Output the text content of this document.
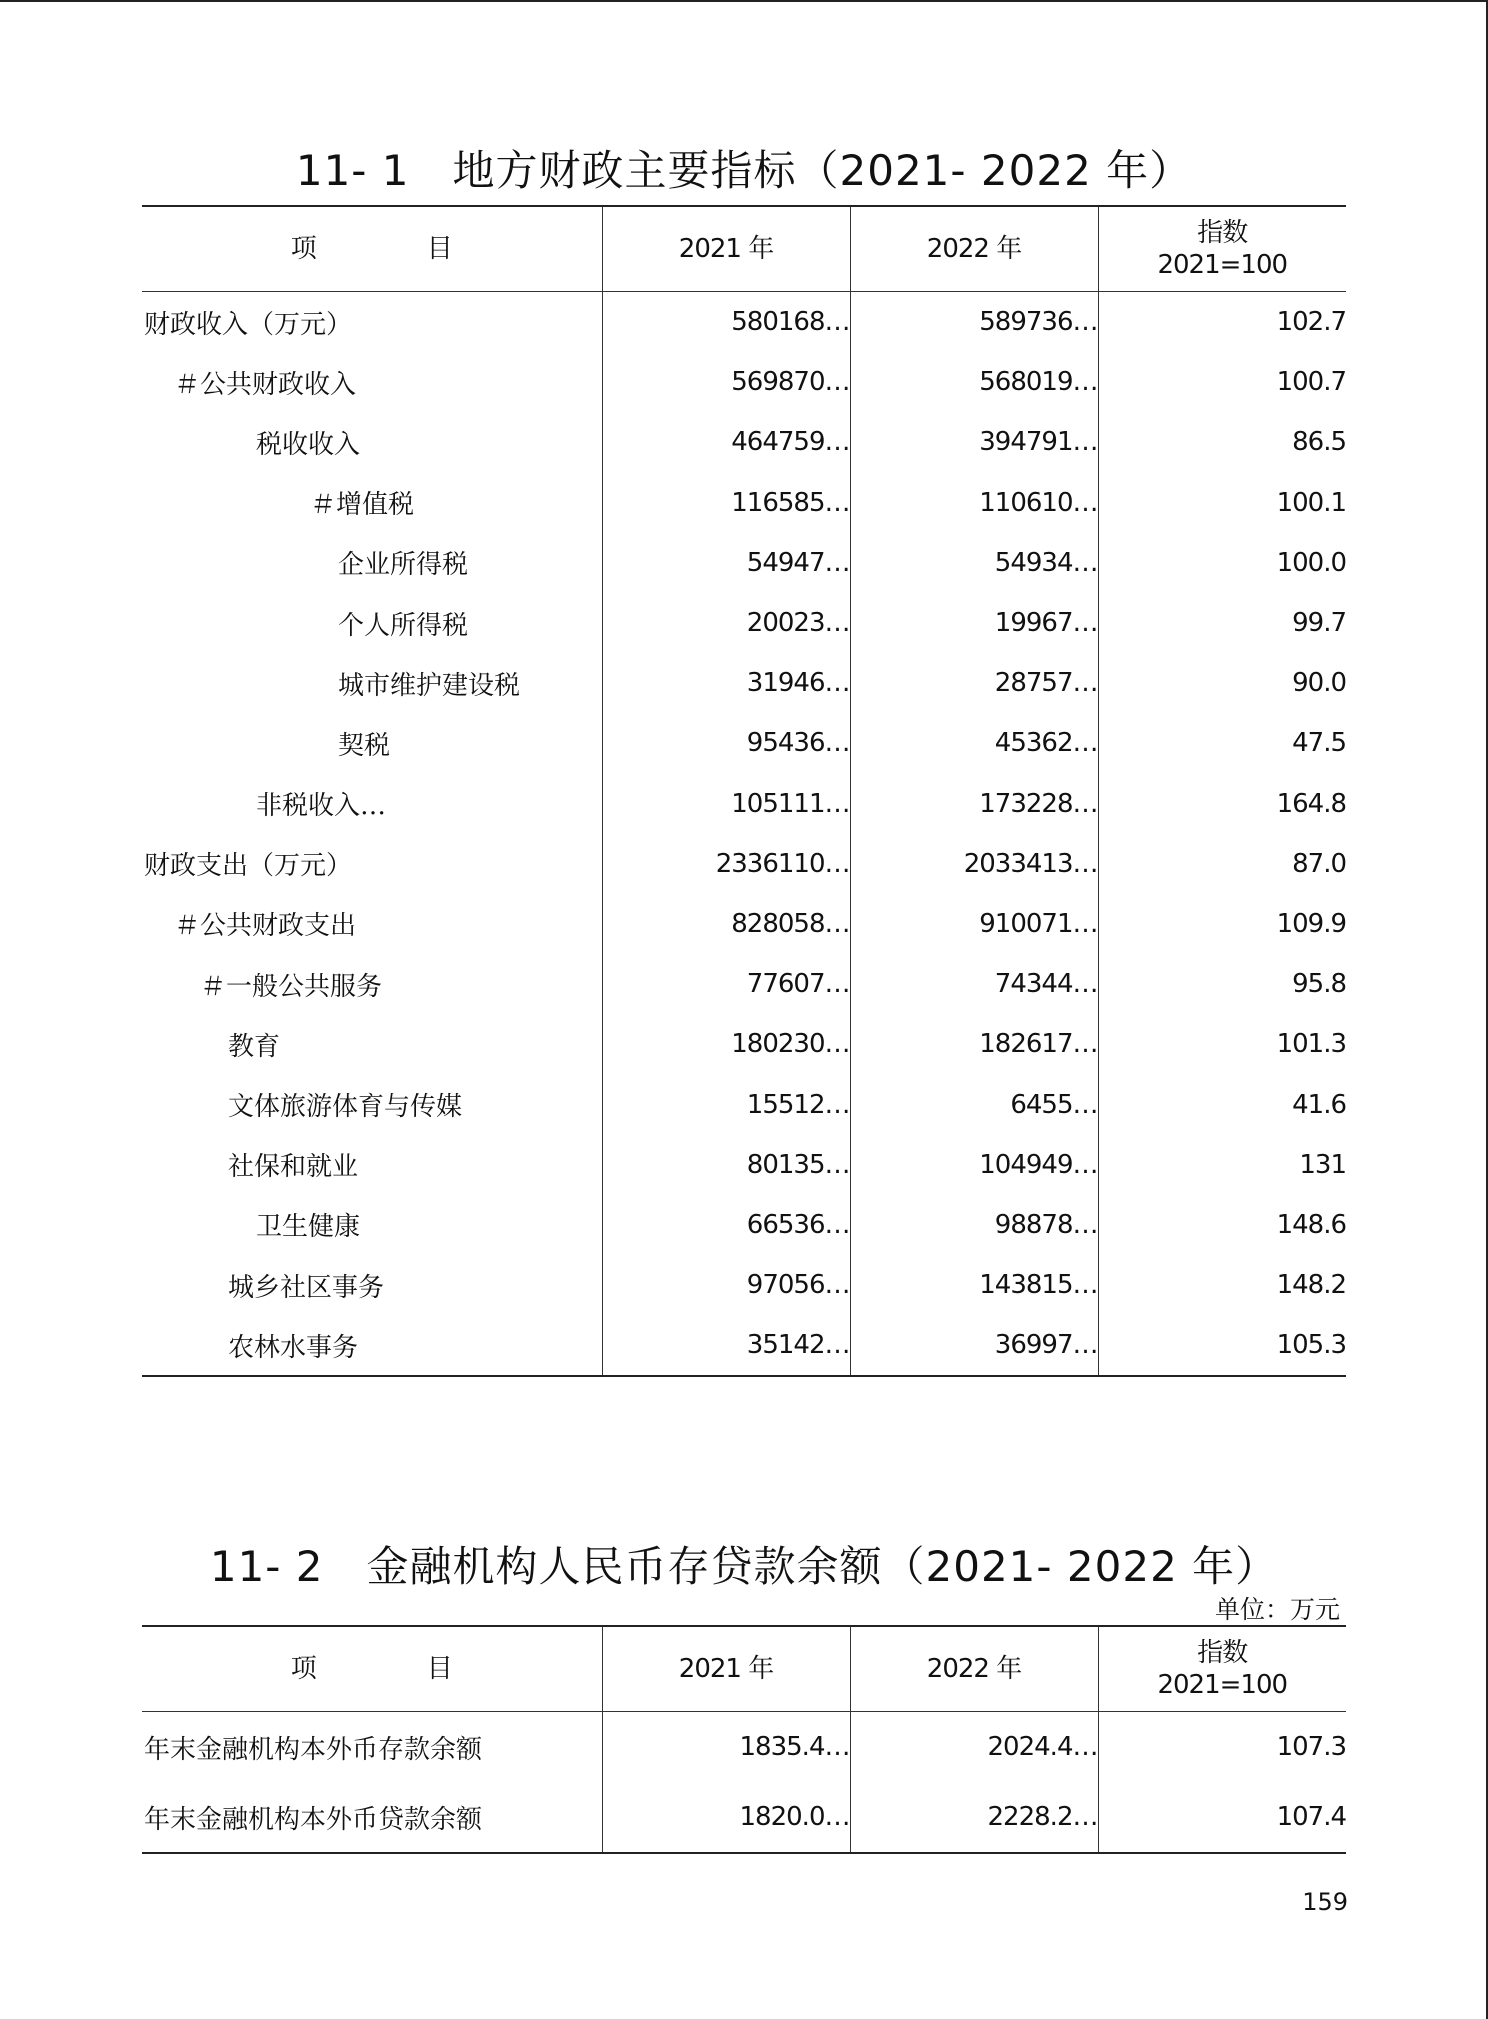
11- 1　地方财政主要指标（2021- 2022 年）
项 目	2021 年	2022 年	指数
2021=100

财政收入（万元）	580168…	589736…	102.7
＃公共财政收入	569870…	568019…	100.7
税收收入	464759…	394791…	86.5
＃增值税	116585…	110610…	100.1
企业所得税	54947…	54934…	100.0
个人所得税	20023…	19967…	99.7
城市维护建设税	31946…	28757…	90.0
契税	95436…	45362…	47.5
非税收入…	105111…	173228…	164.8
财政支出（万元）	2336110…	2033413…	87.0
＃公共财政支出	828058…	910071…	109.9
＃一般公共服务	77607…	74344…	95.8
教育	180230…	182617…	101.3
文体旅游体育与传媒	15512…	6455…	41.6
社保和就业	80135…	104949…	131
卫生健康	66536…	98878…	148.6
城乡社区事务	97056…	143815…	148.2
农林水事务	35142…	36997…	105.3
11- 2　金融机构人民币存贷款余额（2021- 2022 年）
单位：万元
项 目	2021 年	2022 年	指数
2021=100

年末金融机构本外币存款余额	1835.4…	2024.4…	107.3
年末金融机构本外币贷款余额	1820.0…	2228.2…	107.4
159
